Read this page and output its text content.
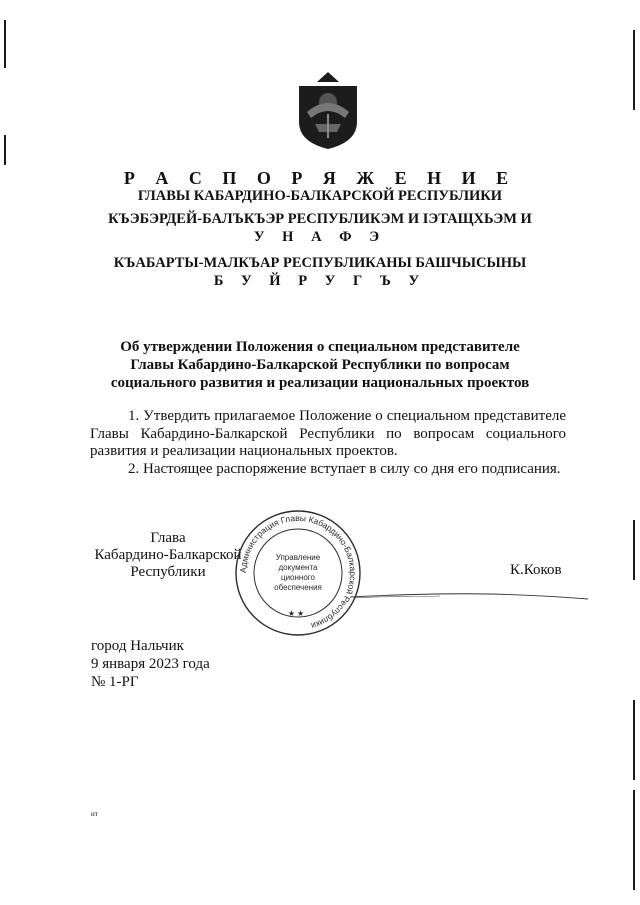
Р А С П О Р Я Ж Е Н И Е
ГЛАВЫ КАБАРДИНО-БАЛКАРСКОЙ РЕСПУБЛИКИ
КЪЭБЭРДЕЙ-БАЛЪКЪЭР РЕСПУБЛИКЭМ И ІЭТАЩХЬЭМ И
У Н А Ф Э
КЪАБАРТЫ-МАЛКЪАР РЕСПУБЛИКАНЫ БАШЧЫСЫНЫ
Б У Й Р У Г Ъ У
Об утверждении Положения о специальном представителе
Главы Кабардино-Балкарской Республики по вопросам
социального развития и реализации национальных проектов
1. Утвердить прилагаемое Положение о специальном представителе Главы Кабардино-Балкарской Республики по вопросам социального развития и реализации национальных проектов.
2. Настоящее распоряжение вступает в силу со дня его подписания.
Глава
Кабардино-Балкарской
Республики	Администрация Главы Кабардино-Балкарской Республики
Управление
документа
ционного
обеспечения
★ ★
К.Коков
город Нальчик
9 января 2023 года
№ 1-РГ
нт
